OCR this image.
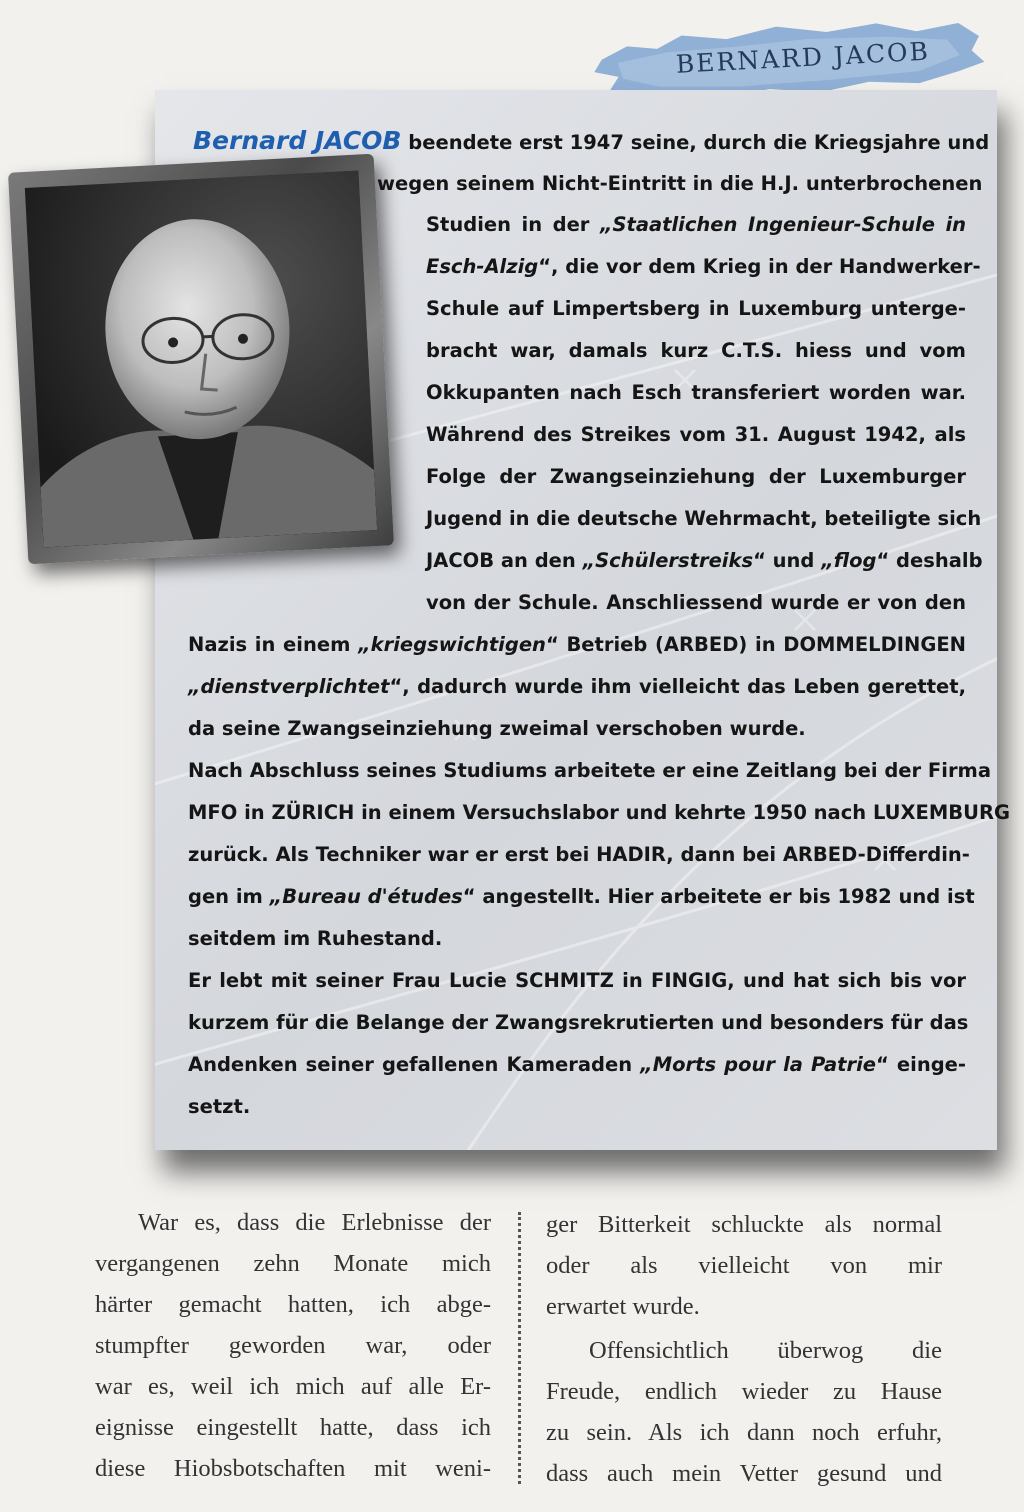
BERNARD JACOB
Bernard JACOB beendete erst 1947 seine, durch die Kriegsjahre und
wegen seinem Nicht-Eintritt in die H.J. unterbrochenen
Studien in der „Staatlichen Ingenieur-Schule in
Esch-Alzig“, die vor dem Krieg in der Handwerker-
Schule auf Limpertsberg in Luxemburg unterge-
bracht war, damals kurz C.T.S. hiess und vom
Okkupanten nach Esch transferiert worden war.
Während des Streikes vom 31. August 1942, als
Folge der Zwangseinziehung der Luxemburger
Jugend in die deutsche Wehrmacht, beteiligte sich
JACOB an den „Schülerstreiks“ und „flog“ deshalb
von der Schule. Anschliessend wurde er von den
Nazis in einem „kriegswichtigen“ Betrieb (ARBED) in DOMMELDINGEN
„dienstverplichtet“, dadurch wurde ihm vielleicht das Leben gerettet,
da seine Zwangseinziehung zweimal verschoben wurde.
Nach Abschluss seines Studiums arbeitete er eine Zeitlang bei der Firma
MFO in ZÜRICH in einem Versuchslabor und kehrte 1950 nach LUXEMBURG
zurück. Als Techniker war er erst bei HADIR, dann bei ARBED-Differdin-
gen im „Bureau d'études“ angestellt. Hier arbeitete er bis 1982 und ist
seitdem im Ruhestand.
Er lebt mit seiner Frau Lucie SCHMITZ in FINGIG, und hat sich bis vor
kurzem für die Belange der Zwangsrekrutierten und besonders für das
Andenken seiner gefallenen Kameraden „Morts pour la Patrie“ einge-
setzt.
War es, dass die Erlebnisse der
vergangenen zehn Monate mich
härter gemacht hatten, ich abge-
stumpfter geworden war, oder
war es, weil ich mich auf alle Er-
eignisse eingestellt hatte, dass ich
diese Hiobsbotschaften mit weni-
ger Bitterkeit schluckte als normal
oder als vielleicht von mir
erwartet wurde.
Offensichtlich überwog die
Freude, endlich wieder zu Hause
zu sein. Als ich dann noch erfuhr,
dass auch mein Vetter gesund und
